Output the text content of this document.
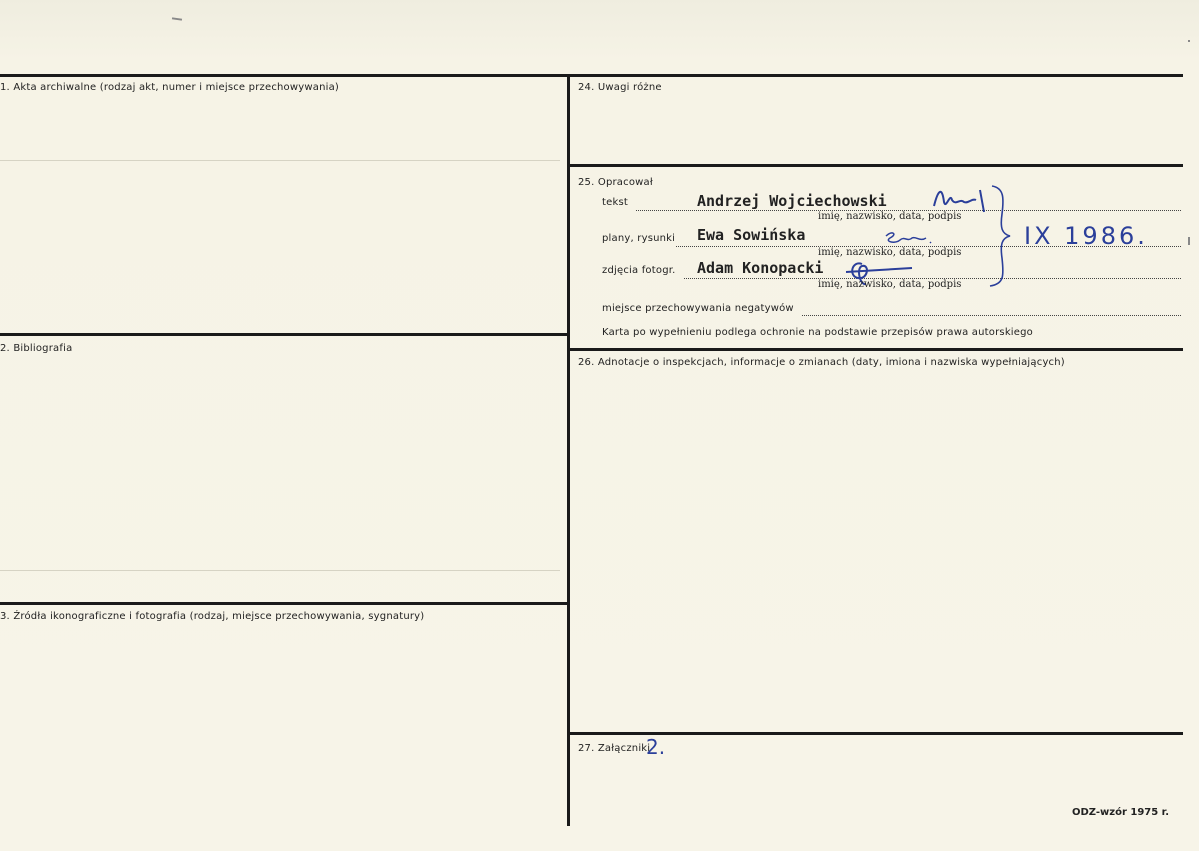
1. Akta archiwalne (rodzaj akt, numer i miejsce przechowywania)
2. Bibliografia
3. Źródła ikonograficzne i fotografia (rodzaj, miejsce przechowywania, sygnatury)
24. Uwagi różne
25. Opracował
tekst	Andrzej Wojciechowski
imię, nazwisko, data, podpis
plany, rysunki Ewa Sowińska
imię, nazwisko, data, podpis
zdjęcia fotogr. Adam Konopacki
imię, nazwisko, data, podpis
IX 1986.
miejsce przechowywania negatywów
Karta po wypełnieniu podlega ochronie na podstawie przepisów prawa autorskiego
26. Adnotacje o inspekcjach, informacje o zmianach (daty, imiona i nazwiska wypełniających)
27. Załączniki
2.
ODZ-wzór 1975 r.
